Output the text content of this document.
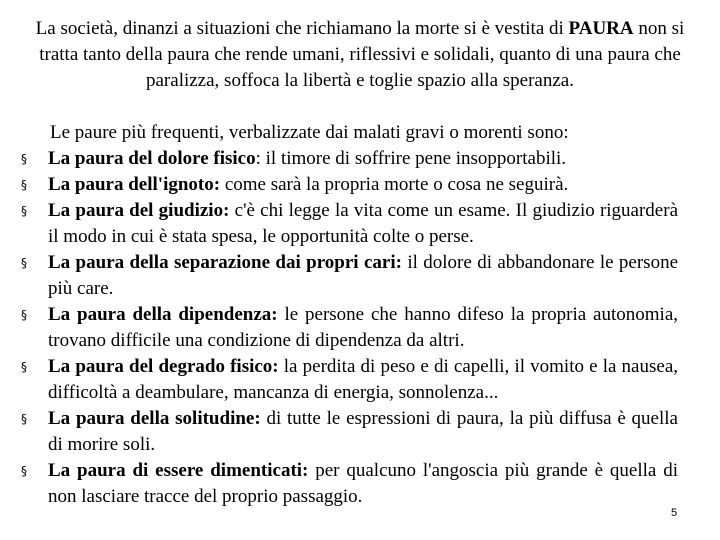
La società, dinanzi a situazioni che richiamano la morte si è vestita di PAURA non si tratta tanto della paura che rende umani, riflessivi e solidali, quanto di una paura che paralizza, soffoca la libertà e toglie spazio alla speranza.
Le paure più frequenti, verbalizzate dai malati gravi o morenti sono:
§ La paura del dolore fisico: il timore di soffrire pene insopportabili.
§ La paura dell'ignoto: come sarà la propria morte o cosa ne seguirà.
§ La paura del giudizio: c'è chi legge la vita come un esame. Il giudizio riguarderà il modo in cui è stata spesa, le opportunità colte o perse.
§ La paura della separazione dai propri cari: il dolore di abbandonare le persone più care.
§ La paura della dipendenza: le persone che hanno difeso la propria autonomia, trovano difficile una condizione di dipendenza da altri.
§ La paura del degrado fisico: la perdita di peso e di capelli, il vomito e la nausea, difficoltà a deambulare, mancanza di energia, sonnolenza...
§ La paura della solitudine: di tutte le espressioni di paura, la più diffusa è quella di morire soli.
§ La paura di essere dimenticati: per qualcuno l'angoscia più grande è quella di non lasciare tracce del proprio passaggio.
5
